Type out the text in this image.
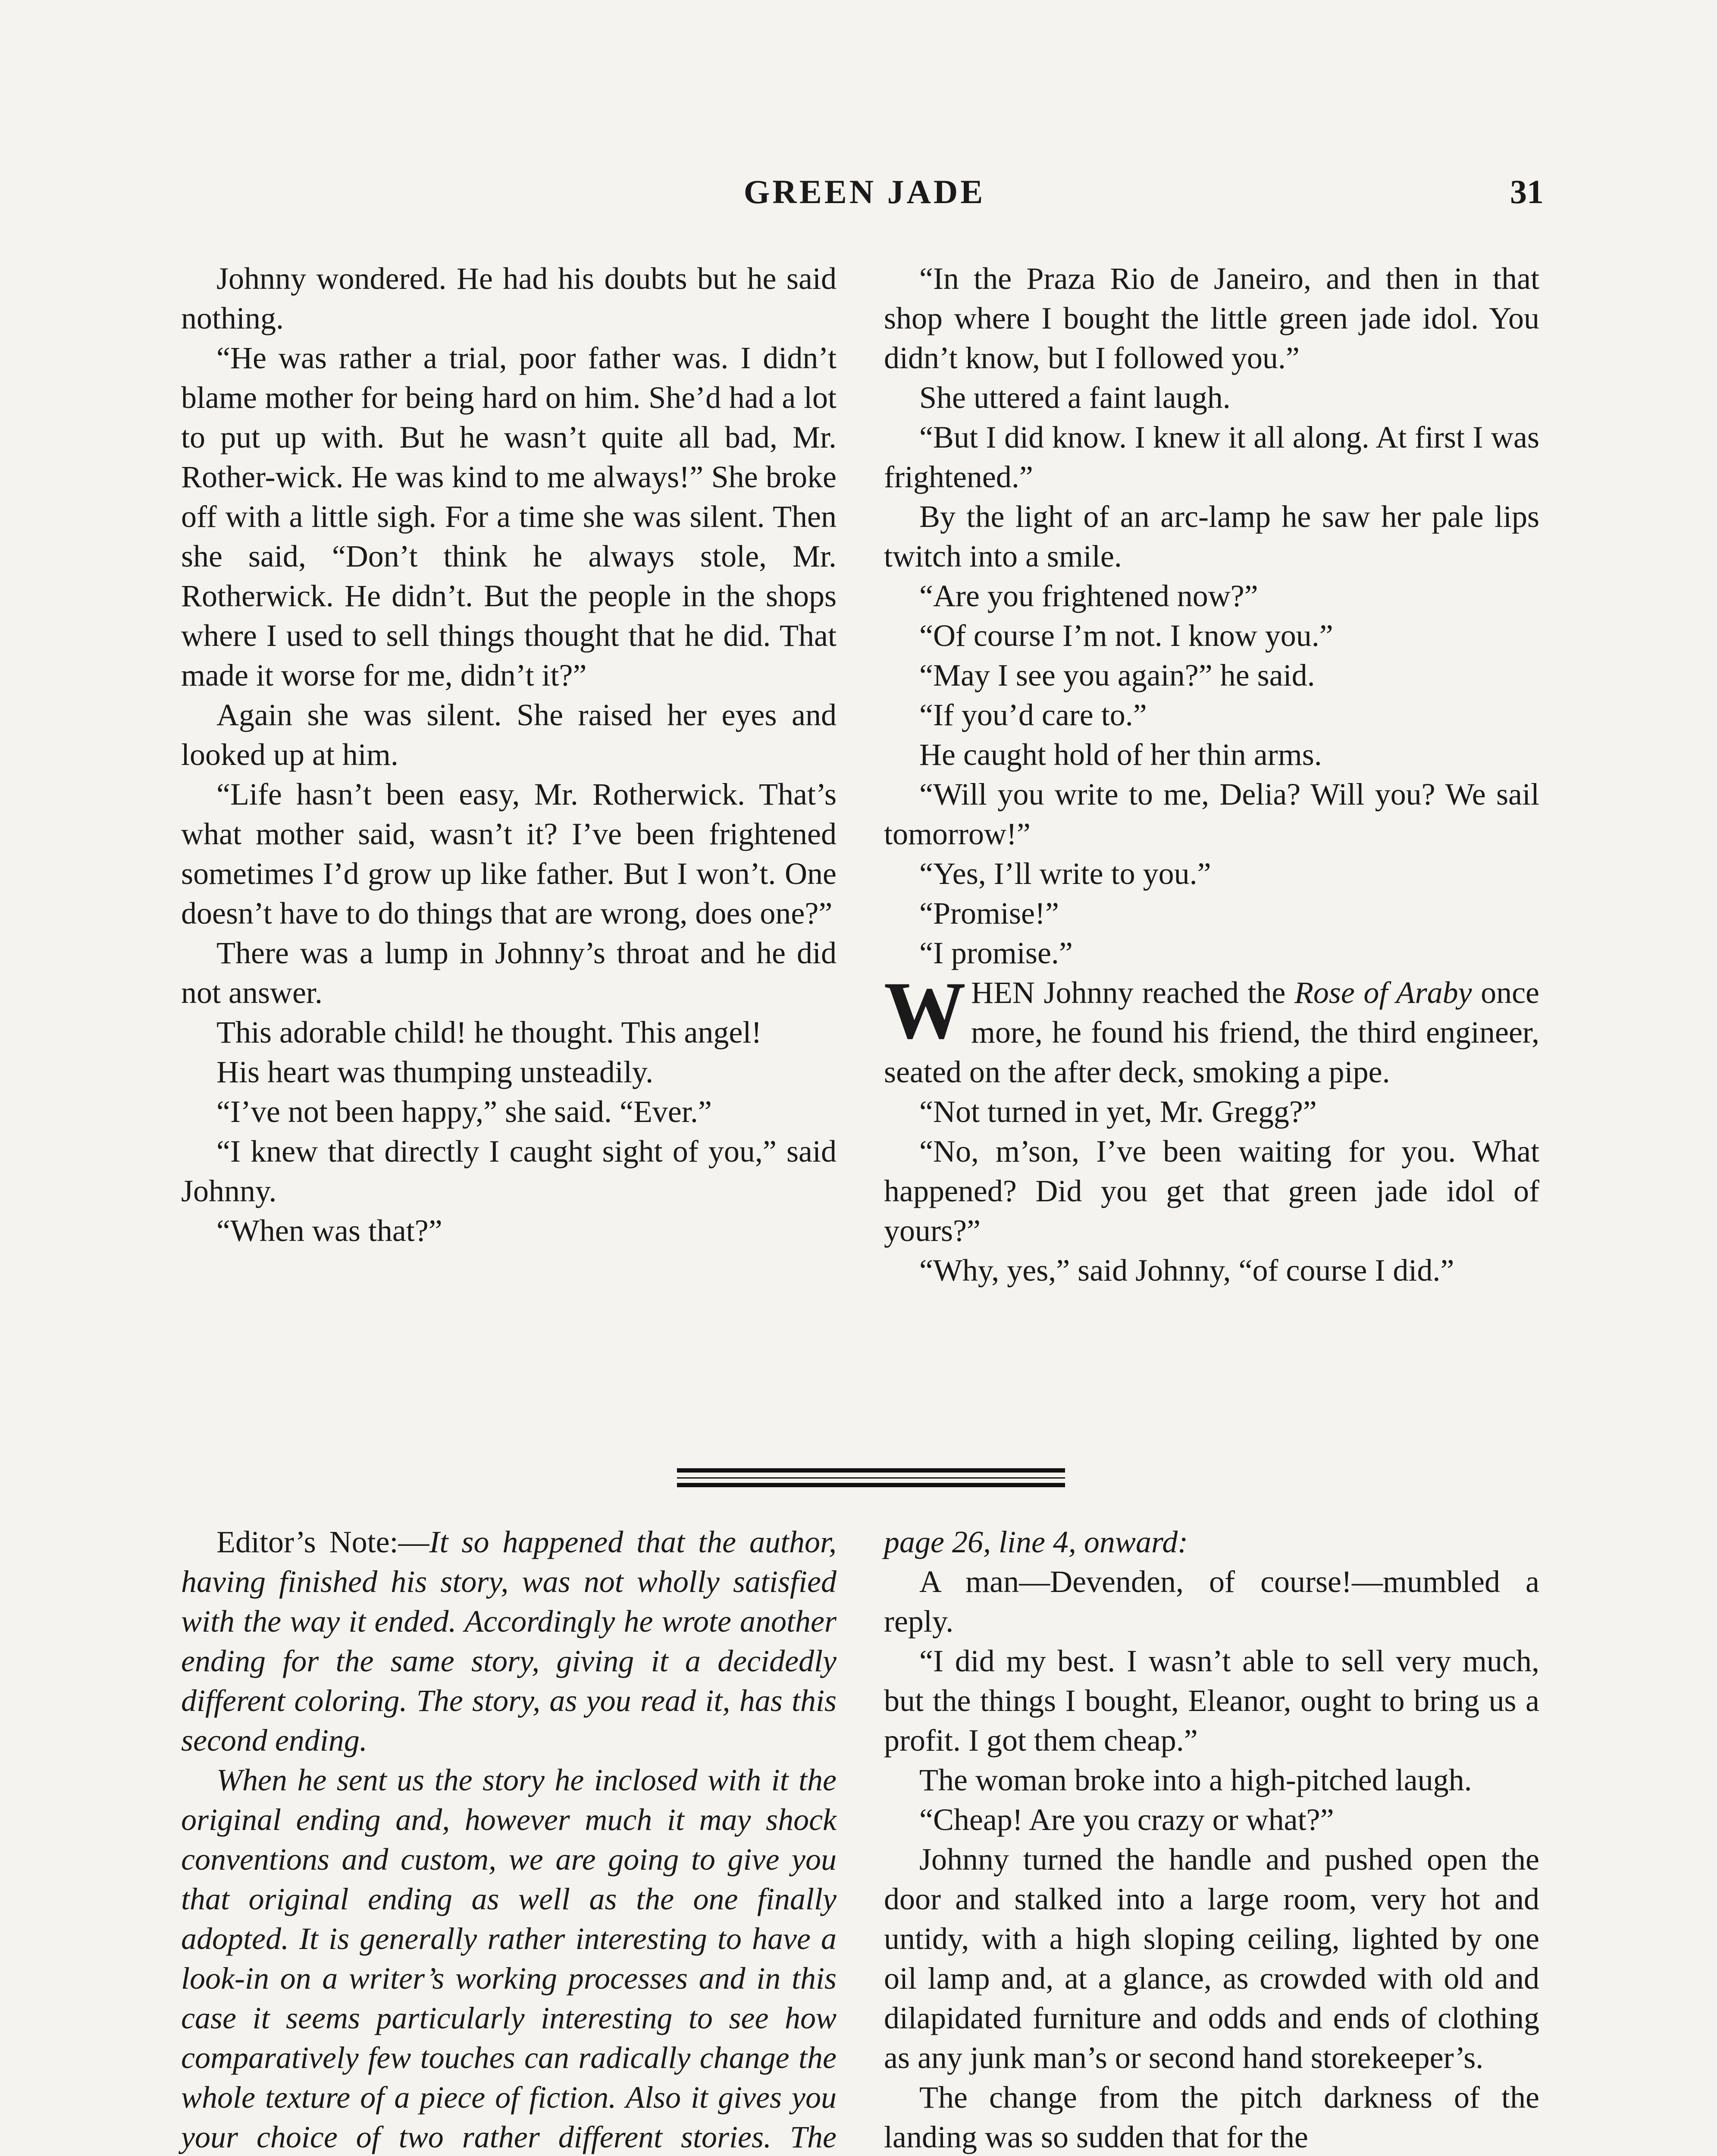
GREEN JADE	31

Johnny wondered. He had his doubts but he said nothing.

“He was rather a trial, poor father was. I didn’t blame mother for being hard on him. She’d had a lot to put up with. But he wasn’t quite all bad, Mr. Rother-wick. He was kind to me always!” She broke off with a little sigh. For a time she was silent. Then she said, “Don’t think he always stole, Mr. Rotherwick. He didn’t. But the people in the shops where I used to sell things thought that he did. That made it worse for me, didn’t it?”

Again she was silent. She raised her eyes and looked up at him.

“Life hasn’t been easy, Mr. Rotherwick. That’s what mother said, wasn’t it? I’ve been frightened sometimes I’d grow up like father. But I won’t. One doesn’t have to do things that are wrong, does one?”

There was a lump in Johnny’s throat and he did not answer.

This adorable child! he thought. This angel!

His heart was thumping unsteadily.

“I’ve not been happy,” she said. “Ever.”

“I knew that directly I caught sight of you,” said Johnny.

“When was that?”

“In the Praza Rio de Janeiro, and then in that shop where I bought the little green jade idol. You didn’t know, but I followed you.”

She uttered a faint laugh.

“But I did know. I knew it all along. At first I was frightened.”

By the light of an arc-lamp he saw her pale lips twitch into a smile.

“Are you frightened now?”

“Of course I’m not. I know you.”

“May I see you again?” he said.

“If you’d care to.”

He caught hold of her thin arms.

“Will you write to me, Delia? Will you? We sail tomorrow!”

“Yes, I’ll write to you.”

“Promise!”

“I promise.”

WHEN Johnny reached the Rose of Araby once more, he found his friend, the third engineer, seated on the after deck, smoking a pipe.

“Not turned in yet, Mr. Gregg?”

“No, m’son, I’ve been waiting for you. What happened? Did you get that green jade idol of yours?”

“Why, yes,” said Johnny, “of course I did.”

Editor’s Note:—It so happened that the author, having finished his story, was not wholly satisfied with the way it ended. Accordingly he wrote another ending for the same story, giving it a decidedly different coloring. The story, as you read it, has this second ending.

When he sent us the story he inclosed with it the original ending and, however much it may shock conventions and custom, we are going to give you that original ending as well as the one finally adopted. It is generally rather interesting to have a look-in on a writer’s working processes and in this case it seems particularly interesting to see how comparatively few touches can radically change the whole texture of a piece of fiction. Also it gives you your choice of two rather different stories. The

page 26, line 4, onward:

A man—Devenden, of course!—mumbled a reply.

“I did my best. I wasn’t able to sell very much, but the things I bought, Eleanor, ought to bring us a profit. I got them cheap.”

The woman broke into a high-pitched laugh.

“Cheap! Are you crazy or what?”

Johnny turned the handle and pushed open the door and stalked into a large room, very hot and untidy, with a high sloping ceiling, lighted by one oil lamp and, at a glance, as crowded with old and dilapidated furniture and odds and ends of clothing as any junk man’s or second hand storekeeper’s.

The change from the pitch darkness of the landing was so sudden that for the
